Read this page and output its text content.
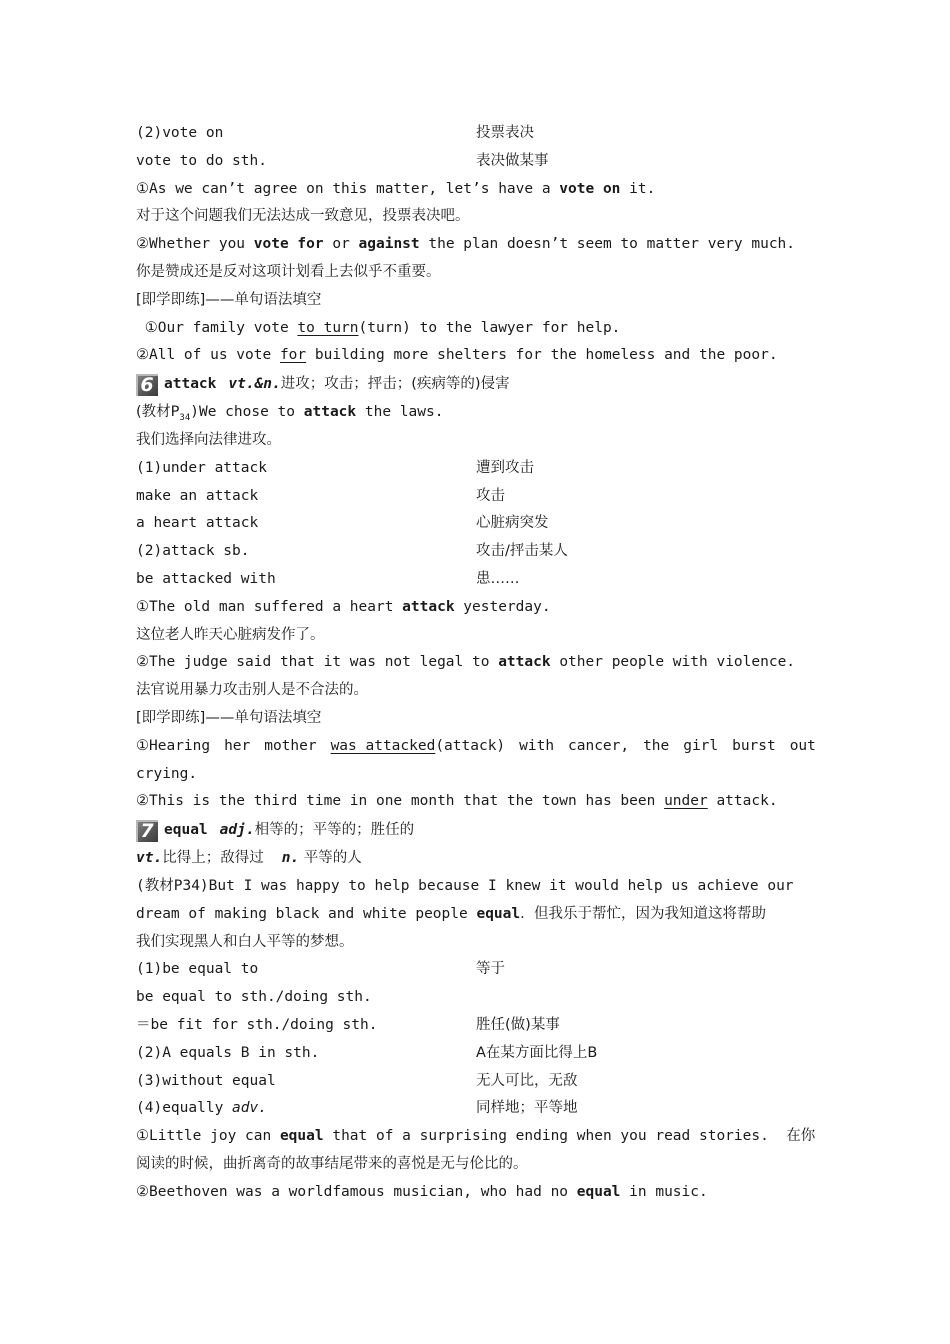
(2)vote on	投票表决
vote to do sth.	表决做某事
①As we can’t agree on this matter, let’s have a vote on it.
对于这个问题我们无法达成一致意见，投票表决吧。
②Whether you vote for or against the plan doesn’t seem to matter very much.
你是赞成还是反对这项计划看上去似乎不重要。
[即学即练]——单句语法填空
①Our family vote to turn(turn) to the lawyer for help.
②All of us vote for building more shelters for the homeless and the poor.
6 attack vt.&n. 进攻；攻击；抨击；(疾病等的)侵害
(教材$P_{34})We$ chose to attack the laws.
我们选择向法律进攻。
(1)under attack	遭到攻击
make an attack	攻击
a heart attack	心脏病突发
(2)attack sb.	攻击/抨击某人
be attacked with	患……
①The old man suffered a heart attack yesterday.
这位老人昨天心脏病发作了。
②The judge said that it was not legal to attack other people with violence.
法官说用暴力攻击别人是不合法的。
[即学即练]——单句语法填空
①Hearing her mother was attacked(attack) with cancer, the girl burst out
crying.
②This is the third time in one month that the town has been under attack.
7 equal adj. 相等的；平等的；胜任的
vt.比得上；敌得过 n. 平等的人
(教材P34)But I was happy to help because I knew it would help us achieve our
dream of making black and white people equal.  但我乐于帮忙，因为我知道这将帮助
我们实现黑人和白人平等的梦想。
(1)be equal to	等于
be equal to sth./doing sth.
＝be fit for sth./doing sth.	胜任(做)某事
(2)A equals B in sth.	A在某方面比得上B
(3)without equal	无人可比，无敌
(4)equally adv.	同样地；平等地
①Little joy can equal that of a surprising ending when you read stories.  在你
阅读的时候，曲折离奇的故事结尾带来的喜悦是无与伦比的。
②Beethoven was a worldfamous musician, who had no equal in music.
